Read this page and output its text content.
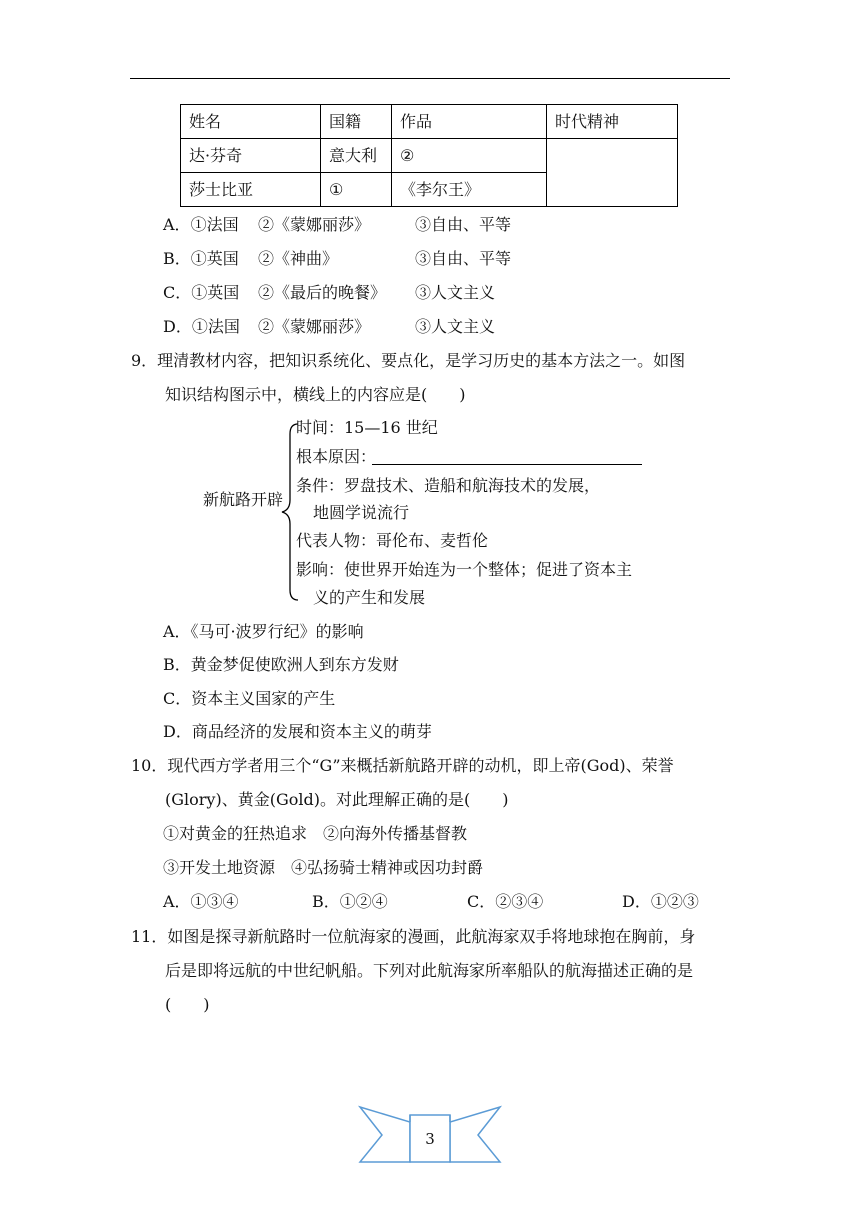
姓名	国籍	作品	时代精神
达·芬奇	意大利	②	
莎士比亚	①	《李尔王》	
A．①法国 ②《蒙娜丽莎》	③自由、平等
B．①英国 ②《神曲》	③自由、平等
C．①英国 ②《最后的晚餐》 ③人文主义
D．①法国 ②《蒙娜丽莎》	③人文主义
9．理清教材内容，把知识系统化、要点化，是学习历史的基本方法之一。如图
知识结构图示中，横线上的内容应是(　　)
新航路开辟
时间：15—16 世纪
根本原因：
条件：罗盘技术、造船和航海技术的发展，
地圆学说流行
代表人物：哥伦布、麦哲伦
影响：使世界开始连为一个整体；促进了资本主
义的产生和发展
A．《马可·波罗行纪》的影响
B．黄金梦促使欧洲人到东方发财
C．资本主义国家的产生
D．商品经济的发展和资本主义的萌芽
10．现代西方学者用三个“G”来概括新航路开辟的动机，即上帝(God)、荣誉
(Glory)、黄金(Gold)。对此理解正确的是(　　)
①对黄金的狂热追求　②向海外传播基督教
③开发土地资源　④弘扬骑士精神或因功封爵
A．①③④	B．①②④	C．②③④	D．①②③
11．如图是探寻新航路时一位航海家的漫画，此航海家双手将地球抱在胸前，身
后是即将远航的中世纪帆船。下列对此航海家所率船队的航海描述正确的是
(　　)
3
